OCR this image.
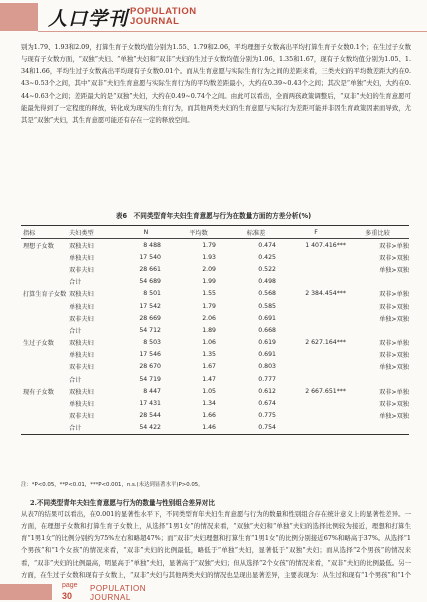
人口学刊 POPULATION
JOURNAL
别为1.79、1.93和2.09，打算生育子女数均值分别为1.55、1.79和2.06，平均理想子女数高出平均打算生育子女数0.1个；在生过子女数与现有子女数方面，“双独”夫妇、“单独”夫妇和“双非”夫妇的生过子女数均值分别为1.06、1.35和1.67，现有子女数均值分别为1.05、1.34和1.66，平均生过子女数高出平均现有子女数0.01个。而从生育意愿与实际生育行为之间的差距来看，三类夫妇的平均数差距大约在0.43~0.53个之间，其中“双非”夫妇生育意愿与实际生育行为的平均数差距最小，大约在0.39~0.43个之间；其次是“单独”夫妇，大约在0.44~0.63个之间；差距最大的是“双独”夫妇，大约在0.49~0.74个之间。由此可以看出，全面两孩政策调整后，“双非”夫妇的生育意愿可能最先得到了一定程度的释放，转化成为现实的生育行为，而其他两类夫妇的生育意愿与实际行为差距可能并非因生育政策因素而导致，尤其是“双独”夫妇，其生育意愿可能还有存在一定的释放空间。
表6　不同类型育年夫妇生育意愿与行为在数量方面的方差分析(%)
指标	夫妇类型	N	平均数	标准差	F	多重比较
理想子女数	双独夫妇	8 488	1.79	0.474	1 407.416***	双非>单独
	单独夫妇	17 540	1.93	0.425		双非>双独
	双非夫妇	28 661	2.09	0.522		单独>双独
	合计	54 689	1.99	0.498		
打算生育子女数	双独夫妇	8 501	1.55	0.568	2 384.454***	双非>单独
	单独夫妇	17 542	1.79	0.585		双非>双独
	双非夫妇	28 669	2.06	0.691		单独>双独
	合计	54 712	1.89	0.668		
生过子女数	双独夫妇	8 503	1.06	0.619	2 627.164***	双非>单独
	单独夫妇	17 546	1.35	0.691		双非>双独
	双非夫妇	28 670	1.67	0.803		单独>双独
	合计	54 719	1.47	0.777		
现有子女数	双独夫妇	8 447	1.05	0.612	2 667.651***	双非>单独
	单独夫妇	17 431	1.34	0.674		双非>双独
	双非夫妇	28 544	1.66	0.775		单独>双独
	合计	54 422	1.46	0.754		
注：*P<0.05，**P<0.01，***P<0.001，n.s.(未达到显著水平)P>0.05。
2.不同类型青年夫妇生育意愿与行为的数量与性别组合差异对比
从表7的结果可以看出，在0.001的显著性水平下，不同类型育年夫妇生育意愿与行为的数量和性别组合存在统计意义上的显著性差异。一方面，在理想子女数和打算生育子女数上，从选择“1男1女”的情况来看，“双独”夫妇和“单独”夫妇的选择比例较为接近，理想和打算生育“1男1女”的比例分别约为75%左右和略超47%；而“双非”夫妇理想和打算生育“1男1女”的比例分别接近67%和略高于37%。从选择“1个男孩”和“1个女孩”的情况来看，“双非”夫妇的比例最低，略低于“单独”夫妇，显著低于“双独”夫妇；而从选择“2个男孩”的情况来看，“双非”夫妇的比例最高，明显高于“单独”夫妇，显著高于“双独”夫妇；但从选择“2个女孩”的情况来看，“双非”夫妇的比例最低。另一方面，在生过子女数和现有子女数上，“双非”夫妇与其他两类夫妇的情况也呈现出显著差异，主要表现为：从生过和现有“1个男孩”和“1个
page
30
POPULATION
JOURNAL
